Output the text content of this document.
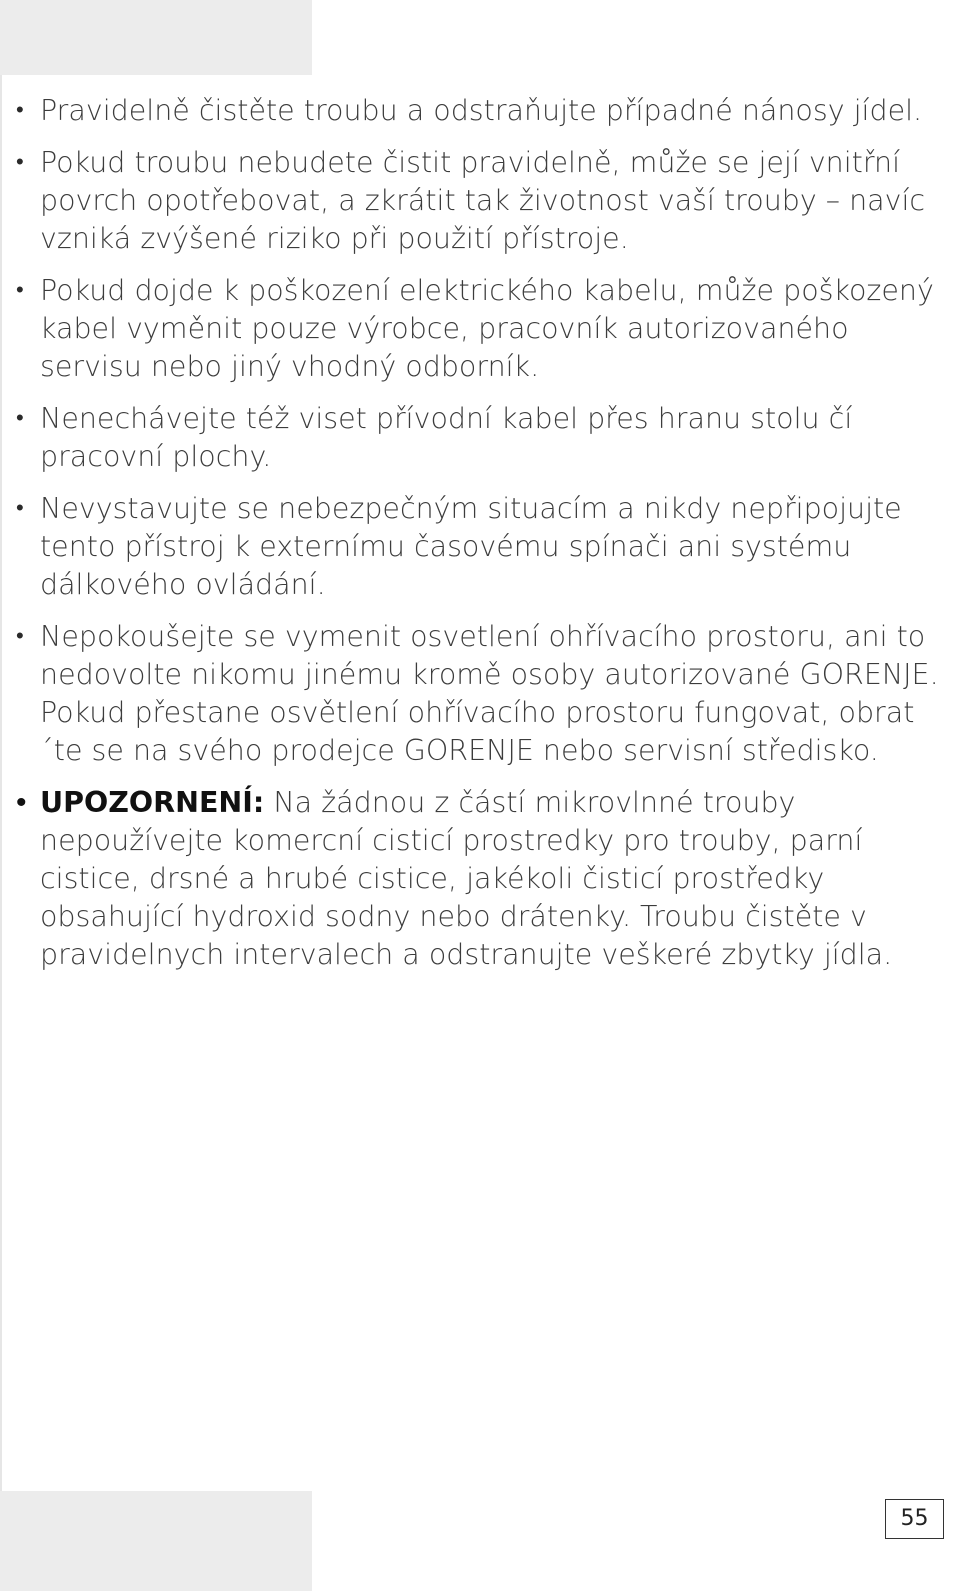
• Pravidelně čistěte troubu a odstraňujte případné nánosy jídel.
• Pokud troubu nebudete čistit pravidelně, může se její vnitřní povrch opotřebovat, a zkrátit tak životnost vaší trouby – navíc vzniká zvýšené riziko při použití přístroje.
• Pokud dojde k poškození elektrického kabelu, může poškozený kabel vyměnit pouze výrobce, pracovník autorizovaného servisu nebo jiný vhodný odborník.
• Nenechávejte též viset přívodní kabel přes hranu stolu čí pracovní plochy.
• Nevystavujte se nebezpečným situacím a nikdy nepřipojujte tento přístroj k externímu časovému spínači ani systému dálkového ovládání.
• Nepokoušejte se vymenit osvetlení ohřívacího prostoru, ani to nedovolte nikomu jinému kromě osoby autorizované GORENJE. Pokud přestane osvětlení ohřívacího prostoru fungovat, obrat´te se na svého prodejce GORENJE nebo servisní středisko.
• UPOZORNENÍ: Na žádnou z částí mikrovlnné trouby nepoužívejte komercní cisticí prostredky pro trouby, parní cistice, drsné a hrubé cistice, jakékoli čisticí prostředky obsahující hydroxid sodny nebo drátenky. Troubu čistěte v pravidelnych intervalech a odstranujte veškeré zbytky jídla.
55
